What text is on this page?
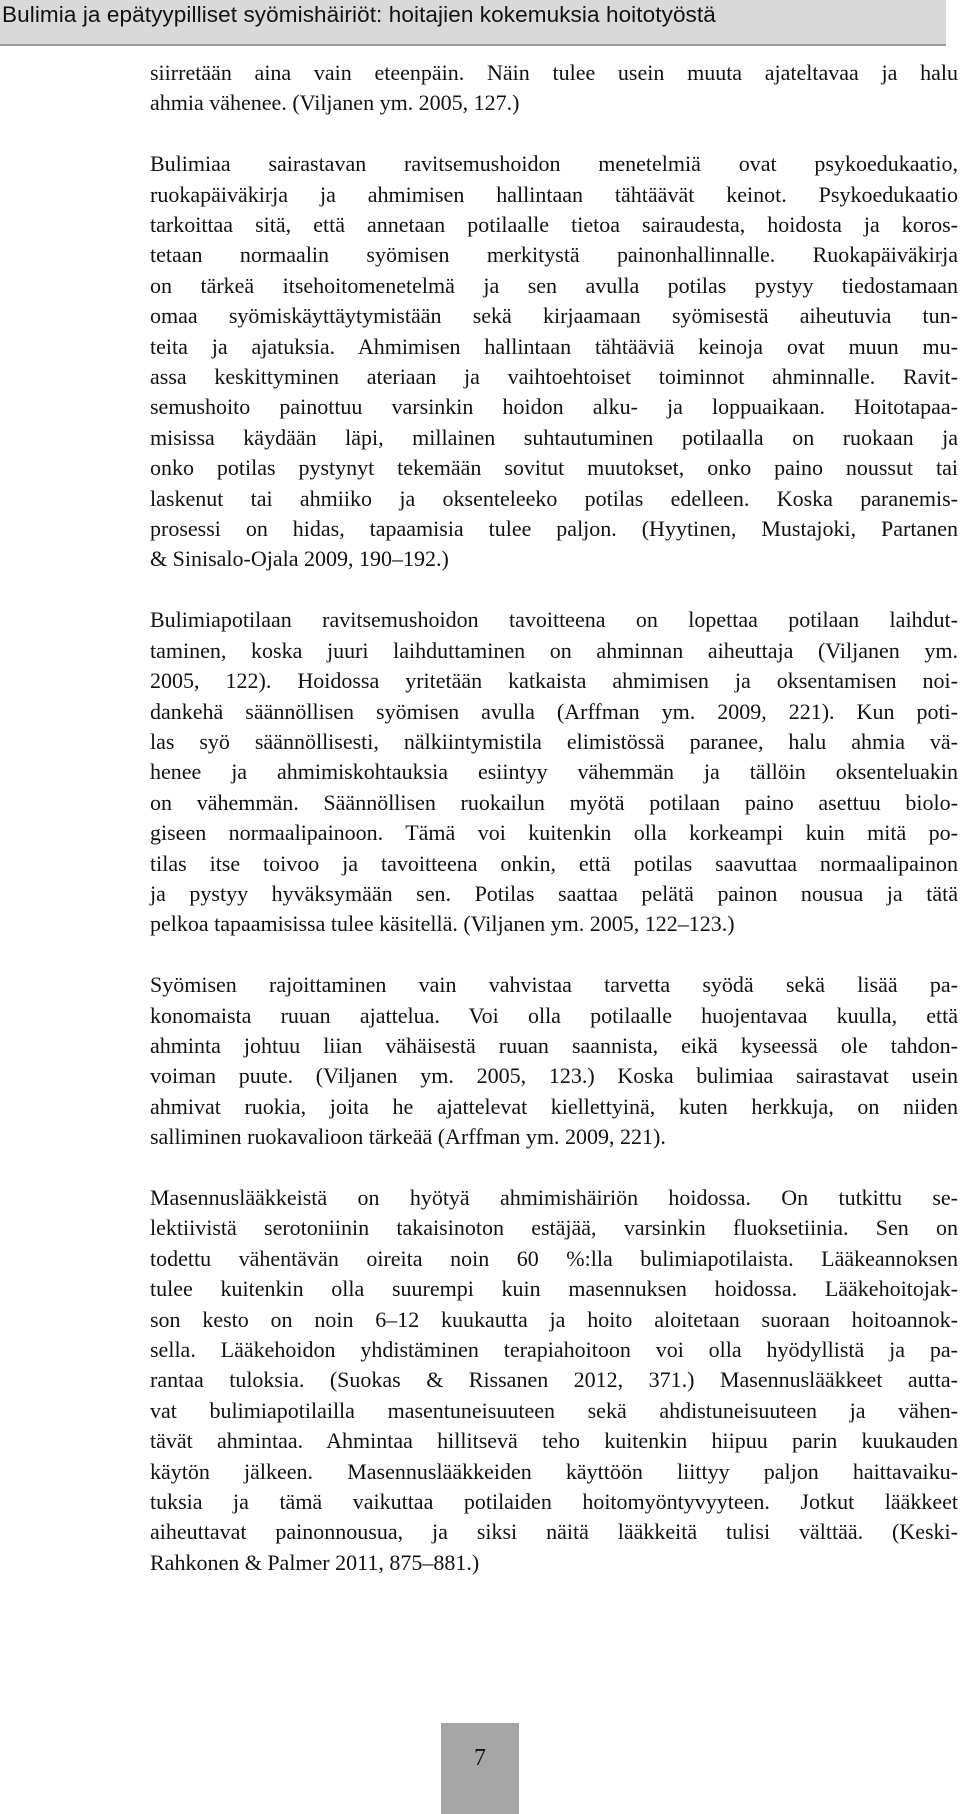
Bulimia ja epätyypilliset syömishäiriöt: hoitajien kokemuksia hoitotyöstä
siirretään aina vain eteenpäin. Näin tulee usein muuta ajateltavaa ja halu
ahmia vähenee. (Viljanen ym. 2005, 127.)
Bulimiaa sairastavan ravitsemushoidon menetelmiä ovat psykoedukaatio,
ruokapäiväkirja ja ahmimisen hallintaan tähtäävät keinot. Psykoedukaatio
tarkoittaa sitä, että annetaan potilaalle tietoa sairaudesta, hoidosta ja koros-
tetaan normaalin syömisen merkitystä painonhallinnalle. Ruokapäiväkirja
on tärkeä itsehoitomenetelmä ja sen avulla potilas pystyy tiedostamaan
omaa syömiskäyttäytymistään sekä kirjaamaan syömisestä aiheutuvia tun-
teita ja ajatuksia. Ahmimisen hallintaan tähtääviä keinoja ovat muun mu-
assa keskittyminen ateriaan ja vaihtoehtoiset toiminnot ahminnalle. Ravit-
semushoito painottuu varsinkin hoidon alku- ja loppuaikaan. Hoitotapaa-
misissa käydään läpi, millainen suhtautuminen potilaalla on ruokaan ja
onko potilas pystynyt tekemään sovitut muutokset, onko paino noussut tai
laskenut tai ahmiiko ja oksenteleeko potilas edelleen. Koska paranemis-
prosessi on hidas, tapaamisia tulee paljon. (Hyytinen, Mustajoki, Partanen
& Sinisalo-Ojala 2009, 190–192.)
Bulimiapotilaan ravitsemushoidon tavoitteena on lopettaa potilaan laihdut-
taminen, koska juuri laihduttaminen on ahminnan aiheuttaja (Viljanen ym.
2005, 122). Hoidossa yritetään katkaista ahmimisen ja oksentamisen noi-
dankehä säännöllisen syömisen avulla (Arffman ym. 2009, 221). Kun poti-
las syö säännöllisesti, nälkiintymistila elimistössä paranee, halu ahmia vä-
henee ja ahmimiskohtauksia esiintyy vähemmän ja tällöin oksenteluakin
on vähemmän. Säännöllisen ruokailun myötä potilaan paino asettuu biolo-
giseen normaalipainoon. Tämä voi kuitenkin olla korkeampi kuin mitä po-
tilas itse toivoo ja tavoitteena onkin, että potilas saavuttaa normaalipainon
ja pystyy hyväksymään sen. Potilas saattaa pelätä painon nousua ja tätä
pelkoa tapaamisissa tulee käsitellä. (Viljanen ym. 2005, 122–123.)
Syömisen rajoittaminen vain vahvistaa tarvetta syödä sekä lisää pa-
konomaista ruuan ajattelua. Voi olla potilaalle huojentavaa kuulla, että
ahminta johtuu liian vähäisestä ruuan saannista, eikä kyseessä ole tahdon-
voiman puute. (Viljanen ym. 2005, 123.) Koska bulimiaa sairastavat usein
ahmivat ruokia, joita he ajattelevat kiellettyinä, kuten herkkuja, on niiden
salliminen ruokavalioon tärkeää (Arffman ym. 2009, 221).
Masennuslääkkeistä on hyötyä ahmimishäiriön hoidossa. On tutkittu se-
lektiivistä serotoniinin takaisinoton estäjää, varsinkin fluoksetiinia. Sen on
todettu vähentävän oireita noin 60 %:lla bulimiapotilaista. Lääkeannoksen
tulee kuitenkin olla suurempi kuin masennuksen hoidossa. Lääkehoitojak-
son kesto on noin 6–12 kuukautta ja hoito aloitetaan suoraan hoitoannok-
sella. Lääkehoidon yhdistäminen terapiahoitoon voi olla hyödyllistä ja pa-
rantaa tuloksia. (Suokas & Rissanen 2012, 371.) Masennuslääkkeet autta-
vat bulimiapotilailla masentuneisuuteen sekä ahdistuneisuuteen ja vähen-
tävät ahmintaa. Ahmintaa hillitsevä teho kuitenkin hiipuu parin kuukauden
käytön jälkeen. Masennuslääkkeiden käyttöön liittyy paljon haittavaiku-
tuksia ja tämä vaikuttaa potilaiden hoitomyöntyvyyteen. Jotkut lääkkeet
aiheuttavat painonnousua, ja siksi näitä lääkkeitä tulisi välttää. (Keski-
Rahkonen & Palmer 2011, 875–881.)
7
